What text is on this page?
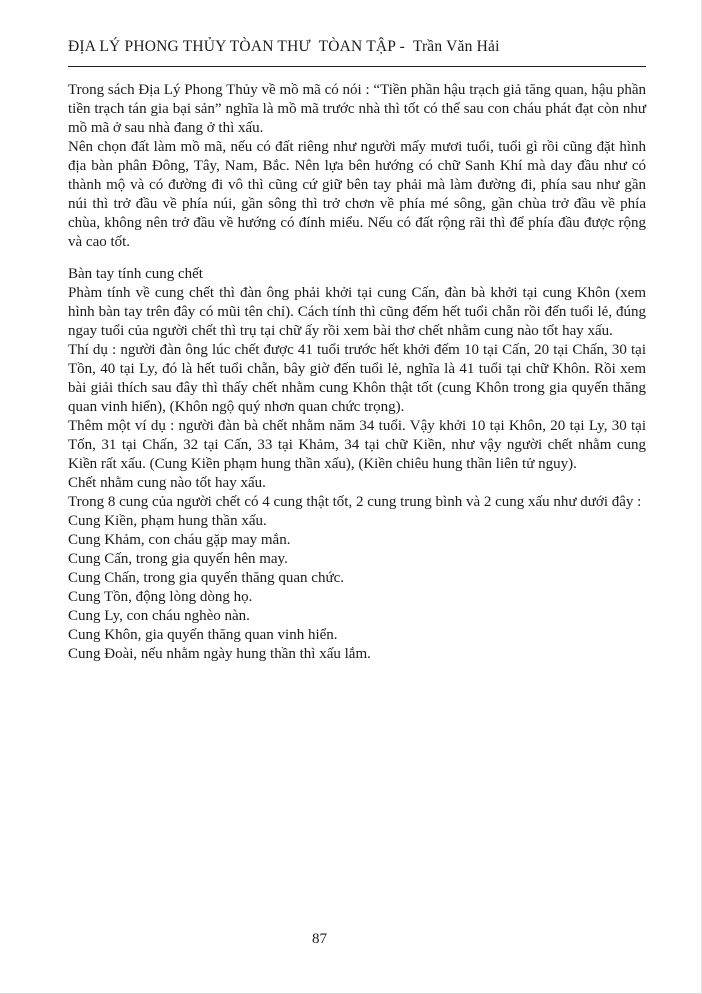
ĐỊA LÝ PHONG THỦY TÒAN THƯ  TÒAN TẬP -  Trần Văn Hải

Trong sách Địa Lý Phong Thủy về mồ mã có nói : “Tiền phần hậu trạch giả tăng quan, hậu phần tiền trạch tán gia bại sản” nghĩa là mồ mã trước nhà thì tốt có thể sau con cháu phát đạt còn như mồ mã ở sau nhà đang ở thì xấu.

Nên chọn đất làm mồ mã, nếu có đất riêng như người mấy mươi tuổi, tuổi gì rồi cũng đặt hình địa bàn phân Đông, Tây, Nam, Bắc. Nên lựa bên hướng có chữ Sanh Khí mà day đầu như có thành mộ và có đường đi vô thì cũng cứ giữ bên tay phải mà làm đường đi, phía sau như gần núi thì trở đầu về phía núi, gần sông thì trở chơn về phía mé sông, gần chùa trở đầu về phía chùa, không nên trở đầu về hướng có đính miểu. Nếu có đất rộng rãi thì để phía đầu được rộng và cao tốt.

Bàn tay tính cung chết

Phàm tính về cung chết thì đàn ông phải khởi tại cung Cấn, đàn bà khởi tại cung Khôn (xem hình bàn tay trên đây có mũi tên chỉ). Cách tính thì cũng đếm hết tuổi chẵn rồi đến tuổi lẻ, đúng ngay tuổi của người chết thì trụ tại chữ ấy rồi xem bài thơ chết nhằm cung nào tốt hay xấu.

Thí dụ : người đàn ông lúc chết được 41 tuổi trước hết khởi đếm 10 tại Cấn, 20 tại Chấn, 30 tại Tồn, 40 tại Ly, đó là hết tuổi chẵn, bây giờ đến tuổi lẻ, nghĩa là 41 tuổi tại chữ Khôn. Rồi xem bài giải thích sau đây thì thấy chết nhằm cung Khôn thật tốt (cung Khôn trong gia quyến thăng quan vinh hiển), (Khôn ngộ quý nhơn quan chức trọng).

Thêm một ví dụ : người đàn bà chết nhằm năm 34 tuổi. Vậy khởi 10 tại Khôn, 20 tại Ly, 30 tại Tốn, 31 tại Chấn, 32 tại Cấn, 33 tại Khảm, 34 tại chữ Kiền, như vậy người chết nhằm cung Kiền rất xấu. (Cung Kiền phạm hung thần xấu), (Kiền chiêu hung thần liên tử nguy).

Chết nhằm cung nào tốt hay xấu.

Trong 8 cung của người chết có 4 cung thật tốt, 2 cung trung bình và 2 cung xấu như dưới đây :

Cung Kiền, phạm hung thần xấu.

Cung Khảm, con cháu gặp may mắn.

Cung Cấn, trong gia quyến hên may.

Cung Chấn, trong gia quyến thăng quan chức.

Cung Tồn, động lòng dòng họ.

Cung Ly, con cháu nghèo nàn.

Cung Khôn, gia quyến thăng quan vinh hiển.

Cung Đoài, nếu nhằm ngày hung thần thì xấu lắm.

87
